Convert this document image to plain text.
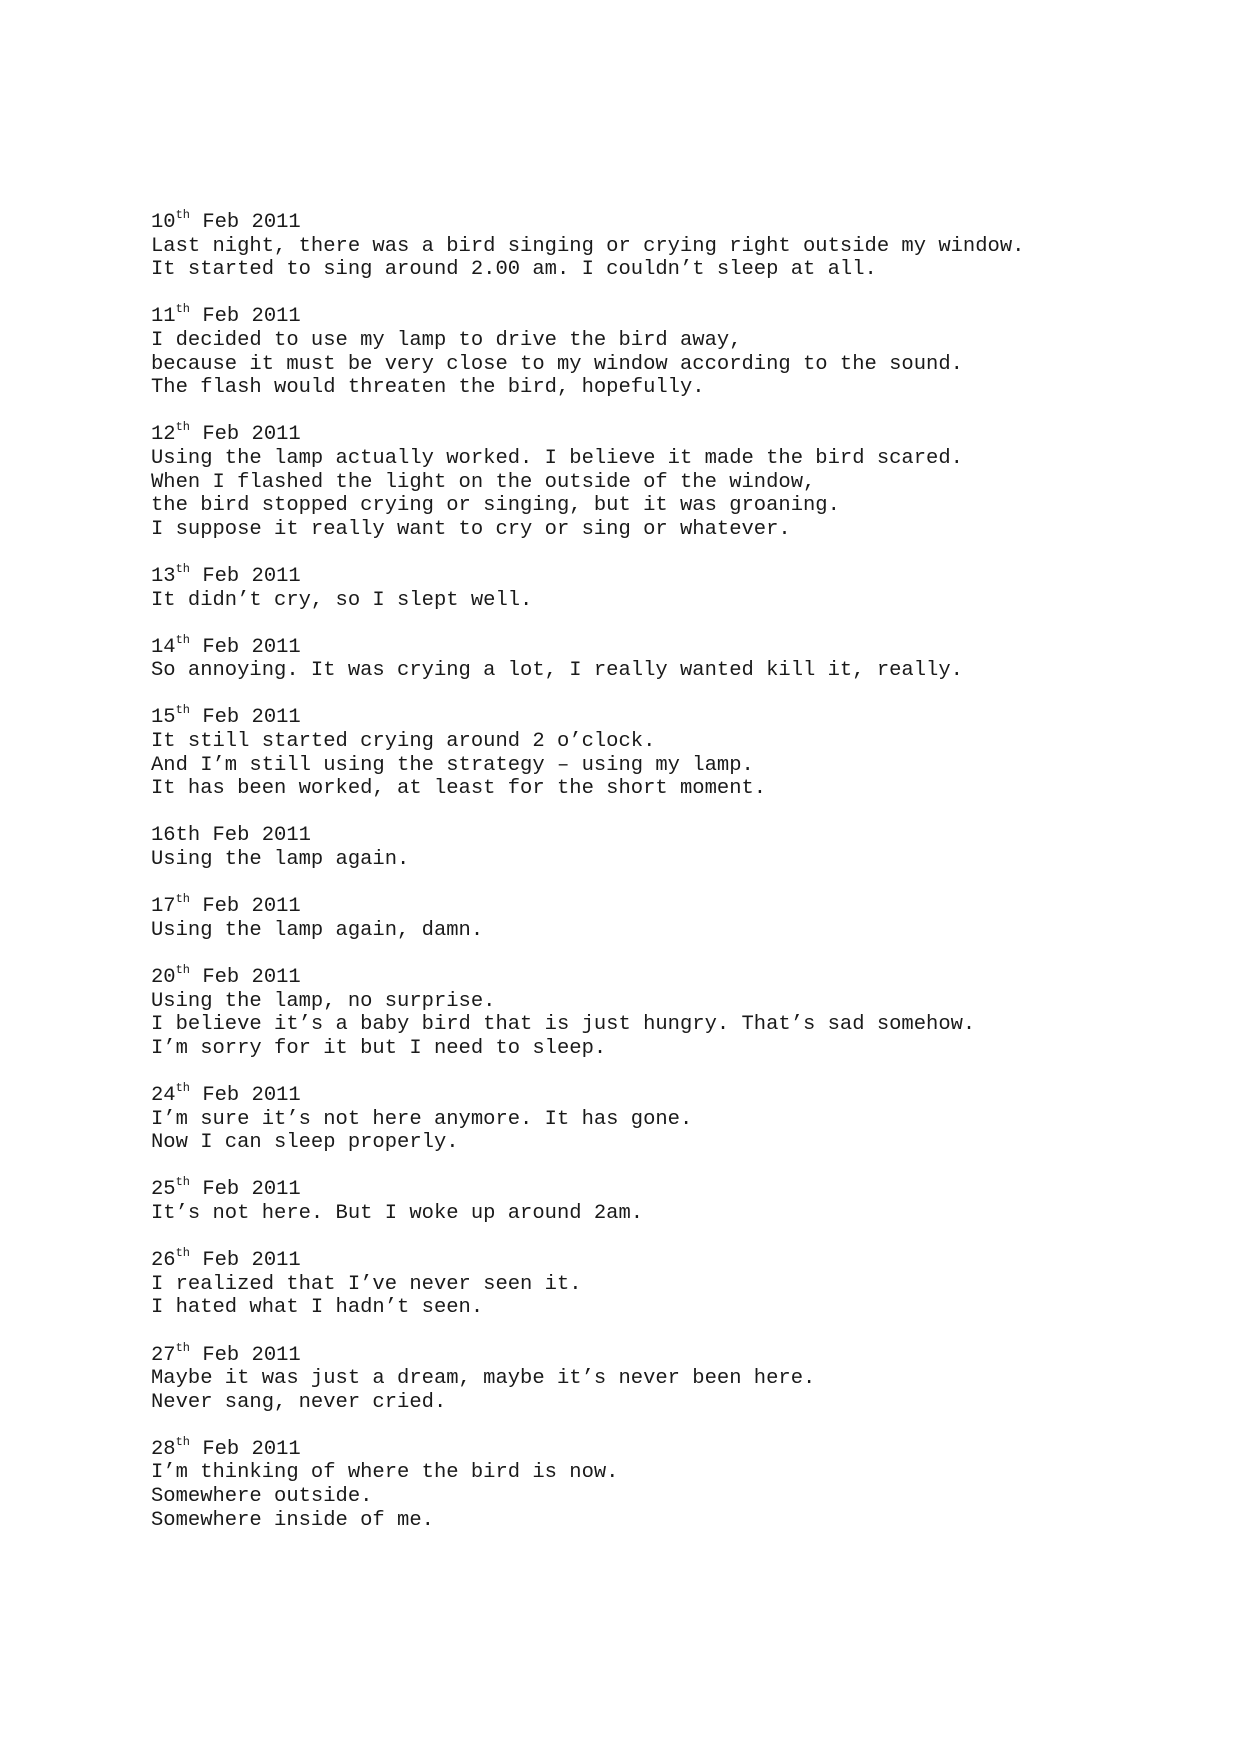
10th Feb 2011
Last night, there was a bird singing or crying right outside my window.
It started to sing around 2.00 am. I couldn’t sleep at all.
11th Feb 2011
I decided to use my lamp to drive the bird away,
because it must be very close to my window according to the sound.
The flash would threaten the bird, hopefully.
12th Feb 2011
Using the lamp actually worked. I believe it made the bird scared.
When I flashed the light on the outside of the window,
the bird stopped crying or singing, but it was groaning.
I suppose it really want to cry or sing or whatever.
13th Feb 2011
It didn’t cry, so I slept well.
14th Feb 2011
So annoying. It was crying a lot, I really wanted kill it, really.
15th Feb 2011
It still started crying around 2 o’clock.
And I’m still using the strategy – using my lamp.
It has been worked, at least for the short moment.
16th Feb 2011
Using the lamp again.
17th Feb 2011
Using the lamp again, damn.
20th Feb 2011
Using the lamp, no surprise.
I believe it’s a baby bird that is just hungry. That’s sad somehow.
I’m sorry for it but I need to sleep.
24th Feb 2011
I’m sure it’s not here anymore. It has gone.
Now I can sleep properly.
25th Feb 2011
It’s not here. But I woke up around 2am.
26th Feb 2011
I realized that I’ve never seen it.
I hated what I hadn’t seen.
27th Feb 2011
Maybe it was just a dream, maybe it’s never been here.
Never sang, never cried.
28th Feb 2011
I’m thinking of where the bird is now.
Somewhere outside.
Somewhere inside of me.
